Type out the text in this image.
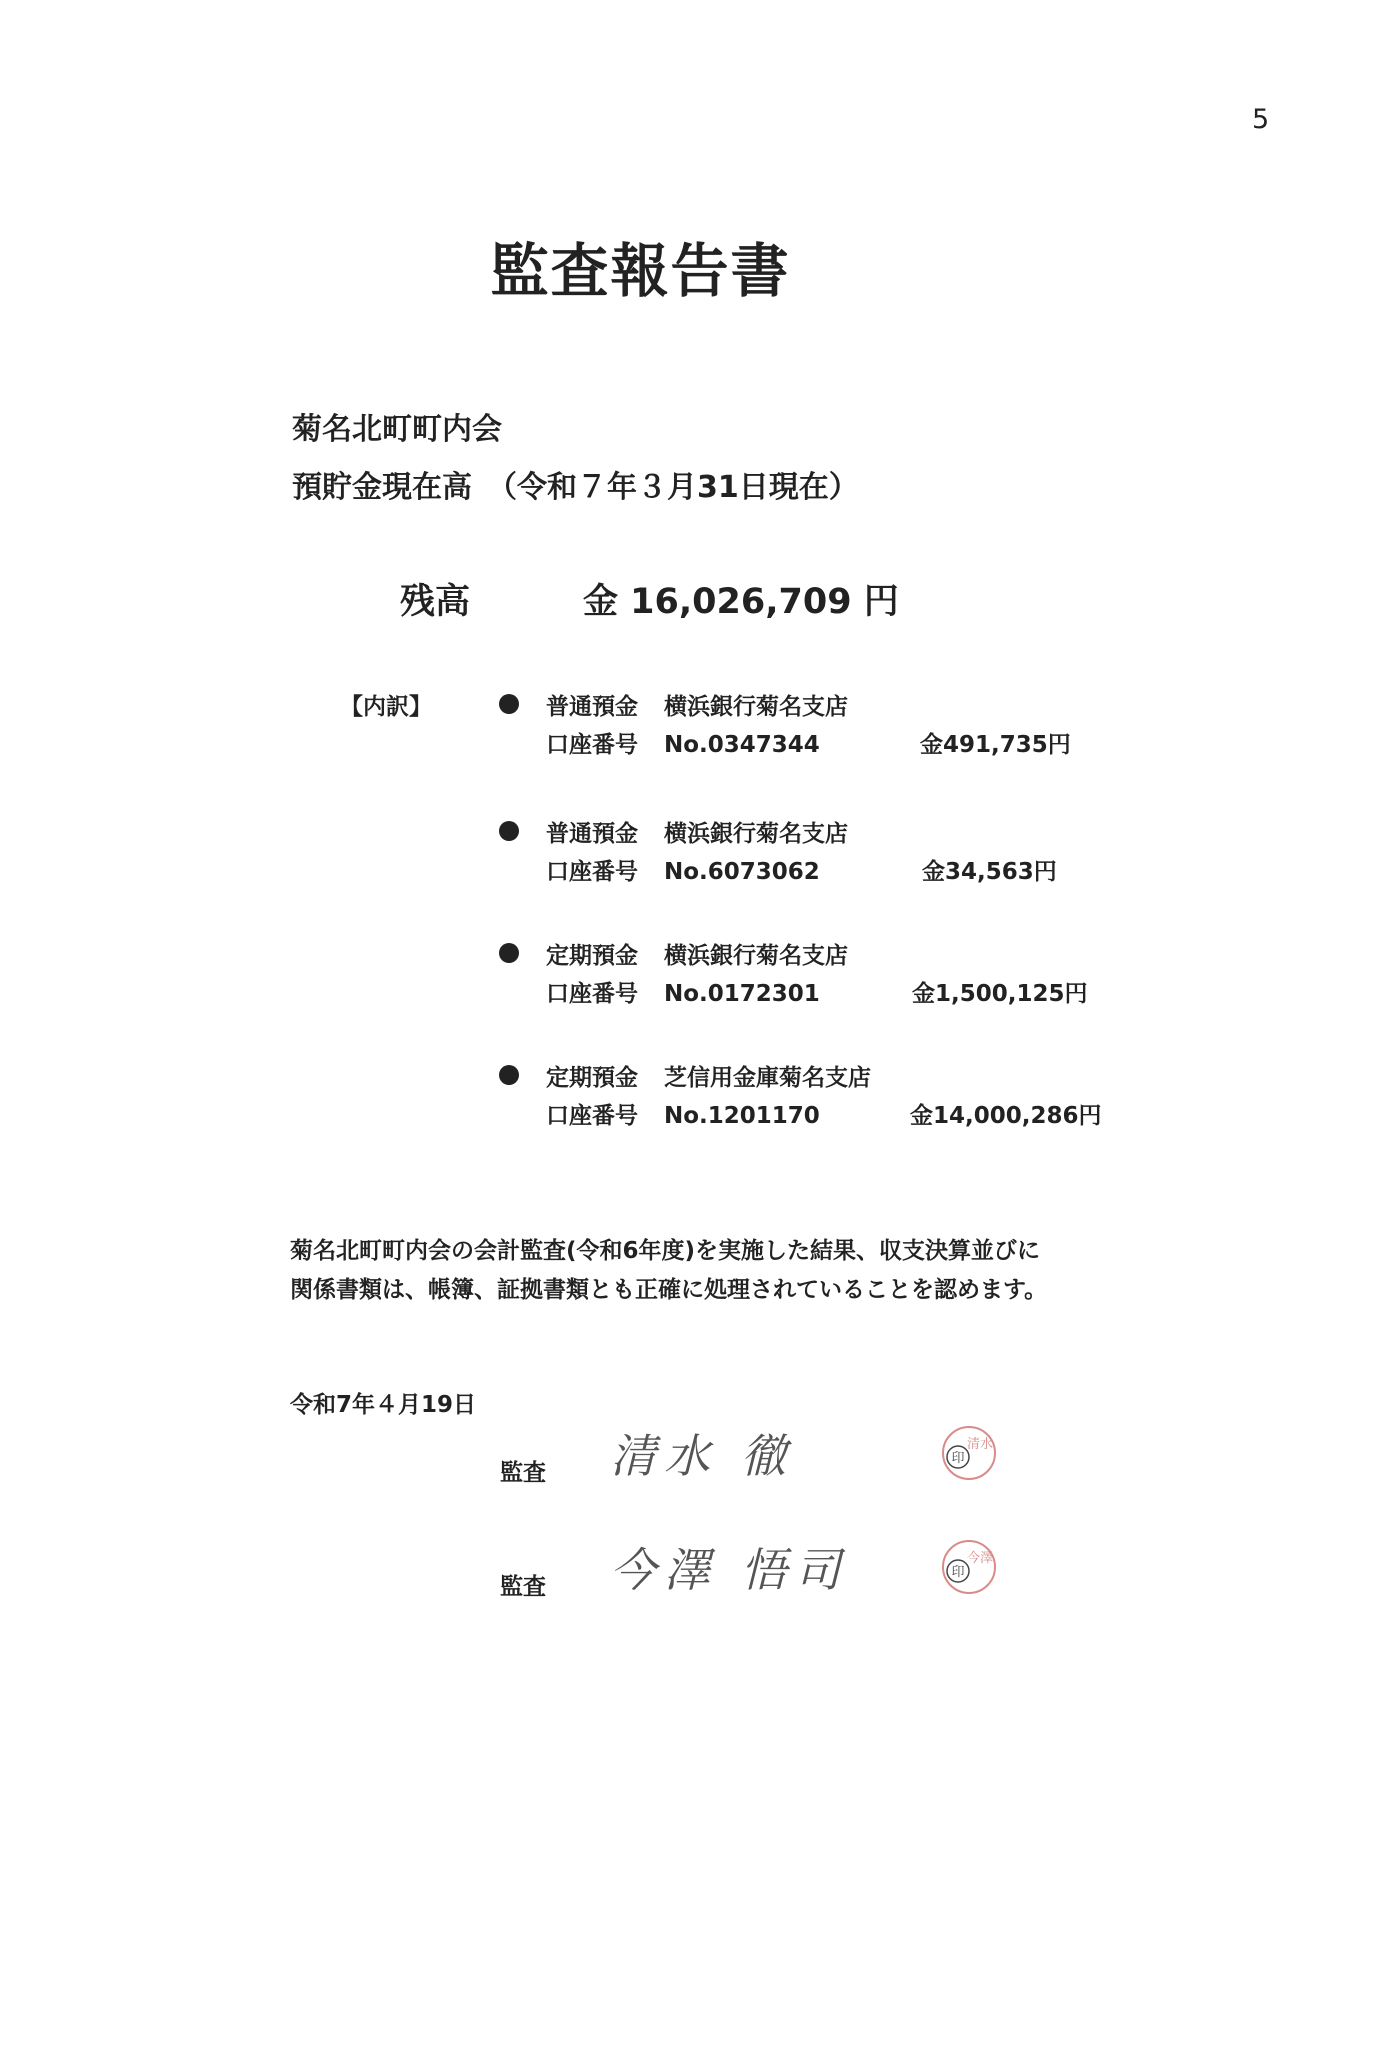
5
監査報告書
菊名北町町内会
預貯金現在高　（令和７年３月31日現在）
残高	金 16,026,709 円
【内訳】	普通預金 横浜銀行菊名支店
口座番号 No.0347344	金491,735円
普通預金 横浜銀行菊名支店
口座番号 No.6073062	金34,563円
定期預金 横浜銀行菊名支店
口座番号 No.0172301	金1,500,125円
定期預金 芝信用金庫菊名支店
口座番号 No.1201170	金14,000,286円
菊名北町町内会の会計監査(令和6年度)を実施した結果、収支決算並びに
関係書類は、帳簿、証拠書類とも正確に処理されていることを認めます。
令和7年４月19日
監査 清水 徹	印
清水
監査 今澤 悟司	印
今澤
